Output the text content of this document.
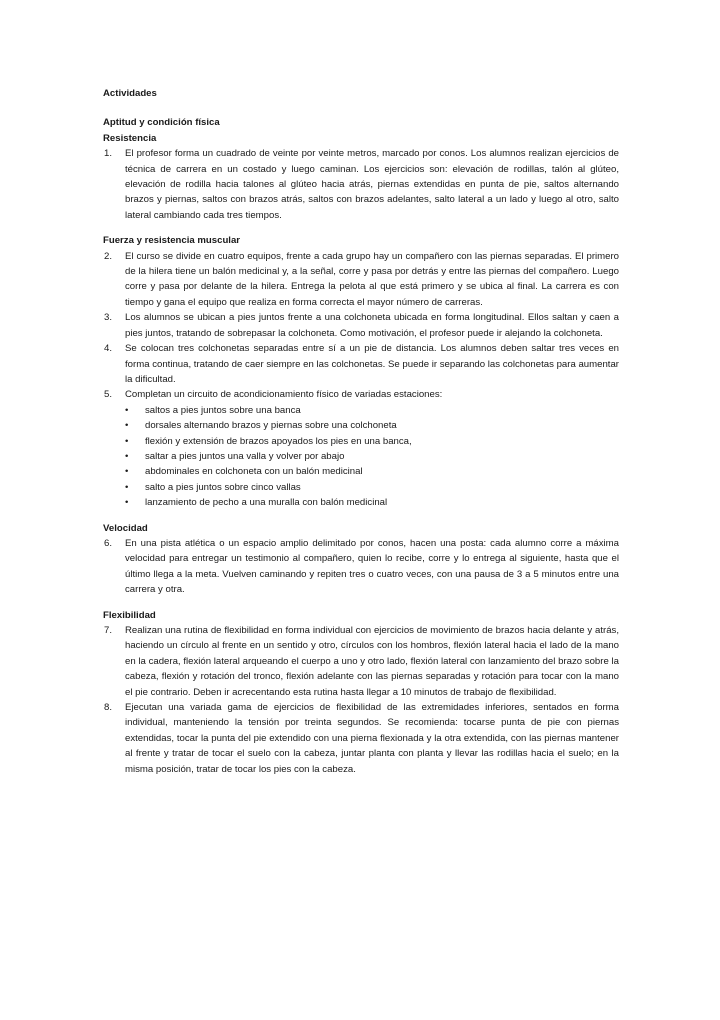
Actividades

Aptitud y condición física

Resistencia

1.	El profesor forma un cuadrado de veinte por veinte metros, marcado por conos. Los alumnos realizan ejercicios de técnica de carrera en un costado y luego caminan. Los ejercicios son: elevación de rodillas, talón al glúteo, elevación de rodilla hacia talones al glúteo hacia atrás, piernas extendidas en punta de pie, saltos alternando brazos y piernas, saltos con brazos atrás, saltos con brazos adelantes, salto lateral a un lado y luego al otro, salto lateral cambiando cada tres tiempos.

Fuerza y resistencia muscular

2.	El curso se divide en cuatro equipos, frente a cada grupo hay un compañero con las piernas separadas. El primero de la hilera tiene un balón medicinal y, a la señal, corre y pasa por detrás y entre las piernas del compañero. Luego corre y pasa por delante de la hilera. Entrega la pelota al que está primero y se ubica al final. La carrera es con tiempo y gana el equipo que realiza en forma correcta el mayor número de carreras.

3.	Los alumnos se ubican a pies juntos frente a una colchoneta ubicada en forma longitudinal. Ellos saltan y caen a pies juntos, tratando de sobrepasar la colchoneta. Como motivación, el profesor puede ir alejando la colchoneta.

4.	Se colocan tres colchonetas separadas entre sí a un pie de distancia. Los alumnos deben saltar tres veces en forma continua, tratando de caer siempre en las colchonetas. Se puede ir separando las colchonetas para aumentar la dificultad.

5.	Completan un circuito de acondicionamiento físico de variadas estaciones:

• saltos a pies juntos sobre una banca
• dorsales alternando brazos y piernas sobre una colchoneta
• flexión y extensión de brazos apoyados los pies en una banca,
• saltar a pies juntos una valla y volver por abajo
• abdominales en colchoneta con un balón medicinal
• salto a pies juntos sobre cinco vallas
• lanzamiento de pecho a una muralla con balón medicinal

Velocidad

6.	En una pista atlética o un espacio amplio delimitado por conos, hacen una posta: cada alumno corre a máxima velocidad para entregar un testimonio al compañero, quien lo recibe, corre y lo entrega al siguiente, hasta que el último llega a la meta. Vuelven caminando y repiten tres o cuatro veces, con una pausa de 3 a 5 minutos entre una carrera y otra.

Flexibilidad

7.	Realizan una rutina de flexibilidad en forma individual con ejercicios de movimiento de brazos hacia delante y atrás, haciendo un círculo al frente en un sentido y otro, círculos con los hombros, flexión lateral hacia el lado de la mano en la cadera, flexión lateral arqueando el cuerpo a uno y otro lado, flexión lateral con lanzamiento del brazo sobre la cabeza, flexión y rotación del tronco, flexión adelante con las piernas separadas y rotación para tocar con la mano el pie contrario. Deben ir acrecentando esta rutina hasta llegar a 10 minutos de trabajo de flexibilidad.

8.	Ejecutan una variada gama de ejercicios de flexibilidad de las extremidades inferiores, sentados en forma individual, manteniendo la tensión por treinta segundos. Se recomienda: tocarse punta de pie con piernas extendidas, tocar la punta del pie extendido con una pierna flexionada y la otra extendida, con las piernas mantener al frente y tratar de tocar el suelo con la cabeza, juntar planta con planta y llevar las rodillas hacia el suelo; en la misma posición, tratar de tocar los pies con la cabeza.
